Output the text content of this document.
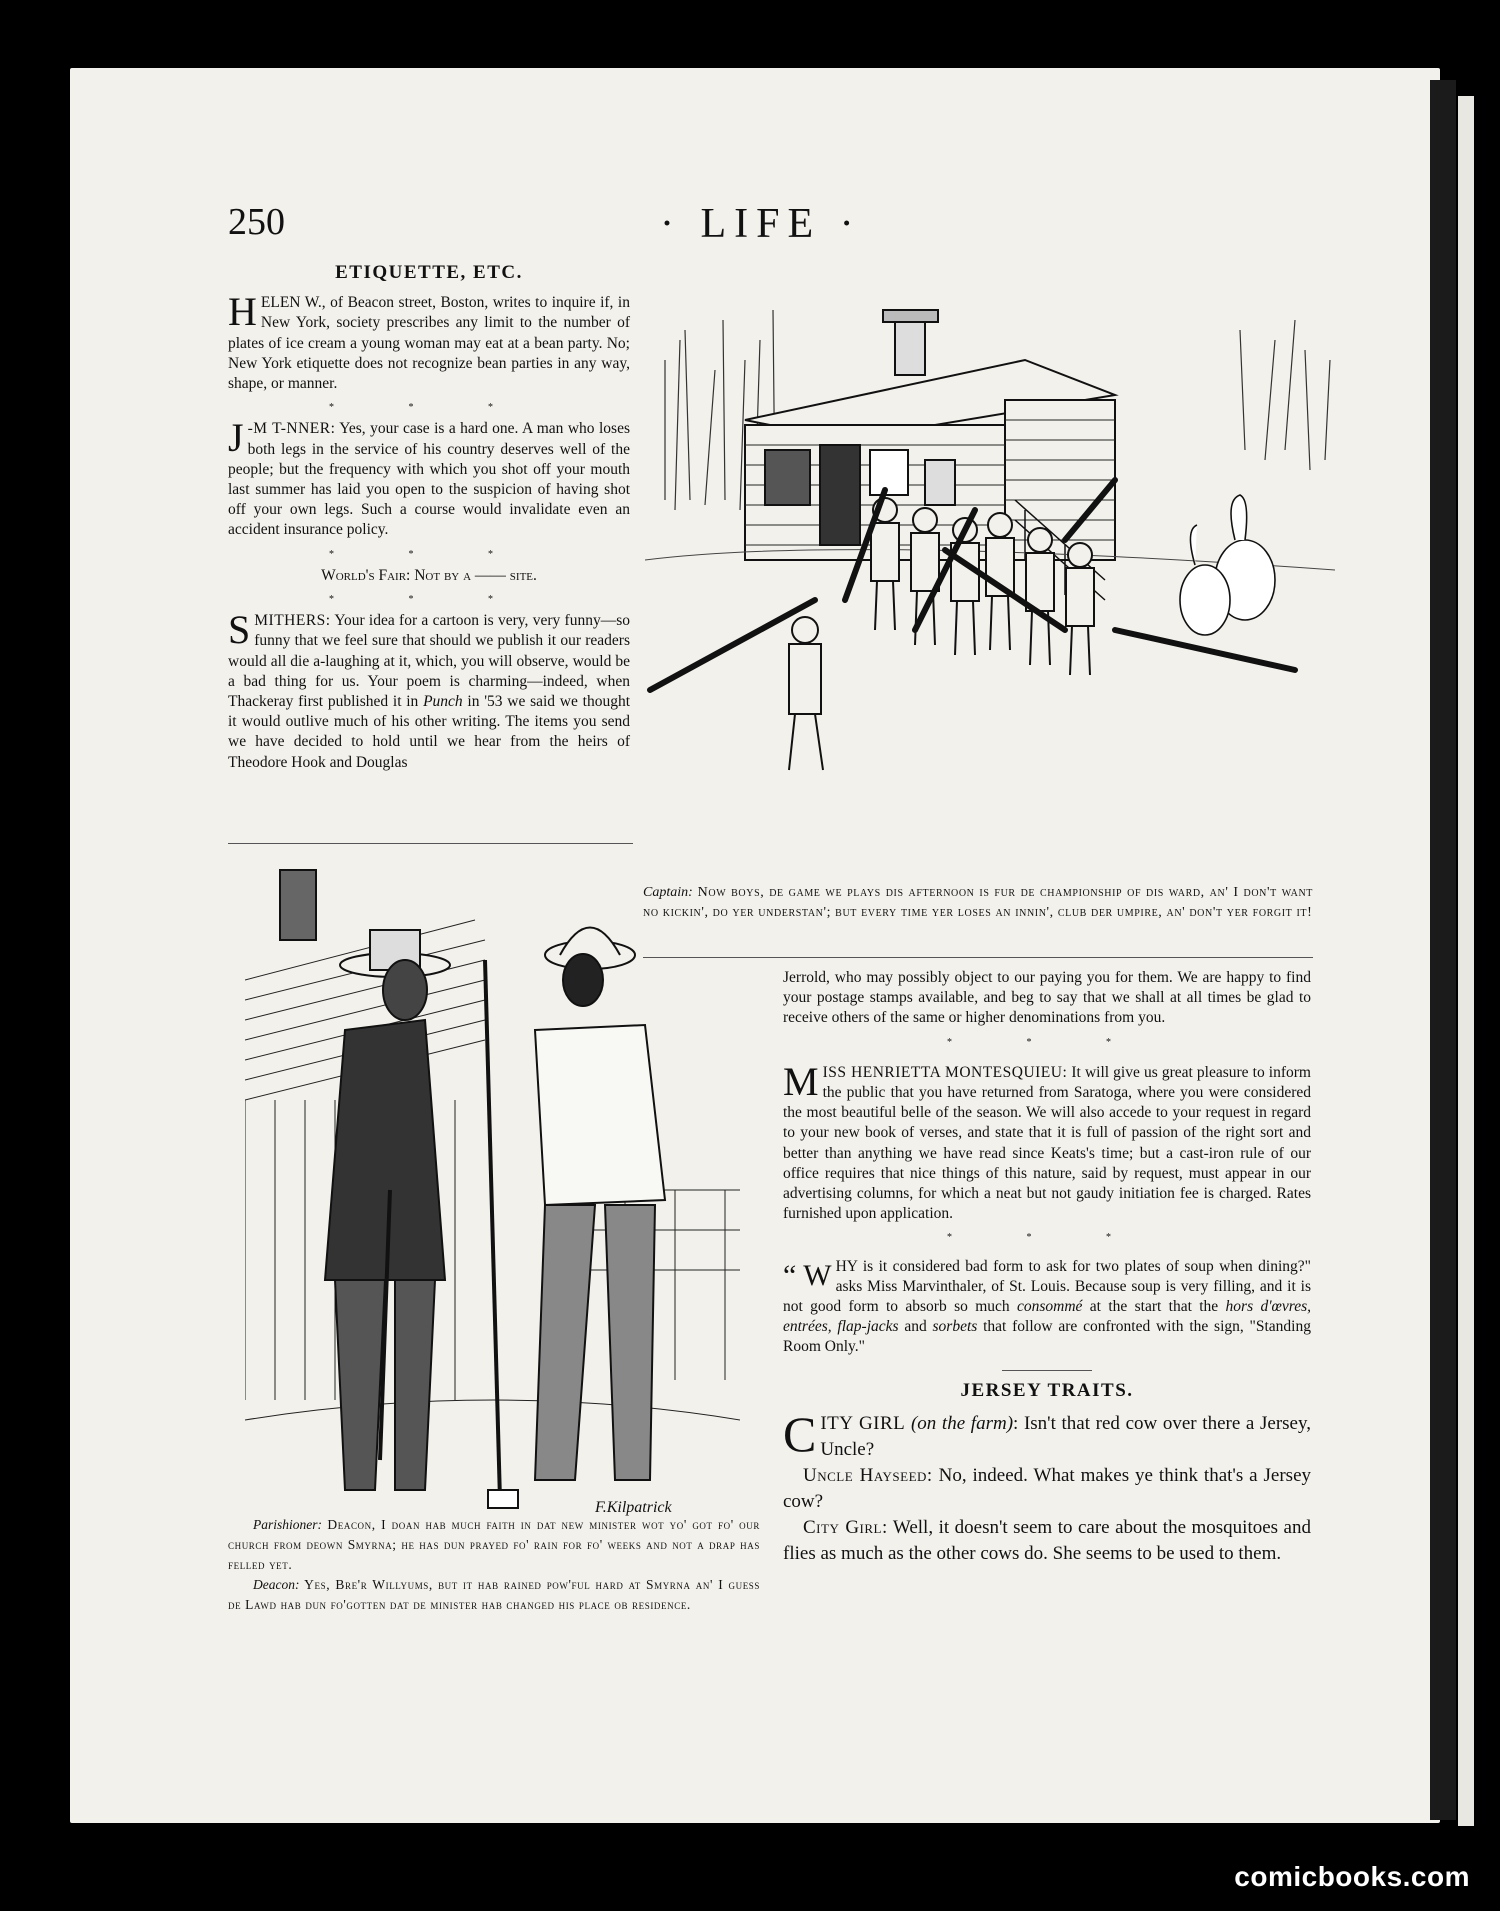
250	· LIFE ·

ETIQUETTE, ETC.

HELEN W., of Beacon street, Boston, writes to inquire if, in New York, society prescribes any limit to the number of plates of ice cream a young woman may eat at a bean party. No; New York etiquette does not recognize bean parties in any way, shape, or manner.

* * *

J -M T-NNER: Yes, your case is a hard one. A man who loses both legs in the service of his country deserves well of the people; but the frequency with which you shot off your mouth last summer has laid you open to the suspicion of having shot off your own legs. Such a course would invalidate even an accident insurance policy.

* * *

World's Fair: Not by a —— site.

* * *

SMITHERS: Your idea for a cartoon is very, very funny—so funny that we feel sure that should we publish it our readers would all die a-laughing at it, which, you will observe, would be a bad thing for us. Your poem is charming—indeed, when Thackeray first published it in Punch in '53 we said we thought it would outlive much of his other writing. The items you send we have decided to hold until we hear from the heirs of Theodore Hook and Douglas

Captain: Now boys, de game we plays dis afternoon is fur de championship of dis ward, an' I don't want no kickin', do yer understan'; but every time yer loses an innin', club der umpire, an' don't yer forgit it!
F.Kilpatrick

Parishioner: Deacon, I doan hab much faith in dat new minister wot yo' got fo' our church from deown Smyrna; he has dun prayed fo' rain for fo' weeks and not a drap has felled yet.

Deacon: Yes, Bre'r Willyums, but it hab rained pow'ful hard at Smyrna an' I guess de Lawd hab dun fo'gotten dat de minister hab changed his place ob residence.

Jerrold, who may possibly object to our paying you for them. We are happy to find your postage stamps available, and beg to say that we shall at all times be glad to receive others of the same or higher denominations from you.

* * *

MISS HENRIETTA MONTESQUIEU: It will give us great pleasure to inform the public that you have returned from Saratoga, where you were considered the most beautiful belle of the season. We will also accede to your request in regard to your new book of verses, and state that it is full of passion of the right sort and better than anything we have read since Keats's time; but a cast-iron rule of our office requires that nice things of this nature, said by request, must appear in our advertising columns, for which a neat but not gaudy initiation fee is charged. Rates furnished upon application.

* * *

“ W HY is it considered bad form to ask for two plates of soup when dining?" asks Miss Marvinthaler, of St. Louis. Because soup is very filling, and it is not good form to absorb so much consommé at the start that the hors d'œvres, entrées, flap-jacks and sorbets that follow are confronted with the sign, "Standing Room Only."

JERSEY TRAITS.

CITY GIRL (on the farm): Isn't that red cow over there a Jersey, Uncle?

Uncle Hayseed: No, indeed. What makes ye think that's a Jersey cow?

City Girl: Well, it doesn't seem to care about the mosquitoes and flies as much as the other cows do. She seems to be used to them.

comicbooks.com
